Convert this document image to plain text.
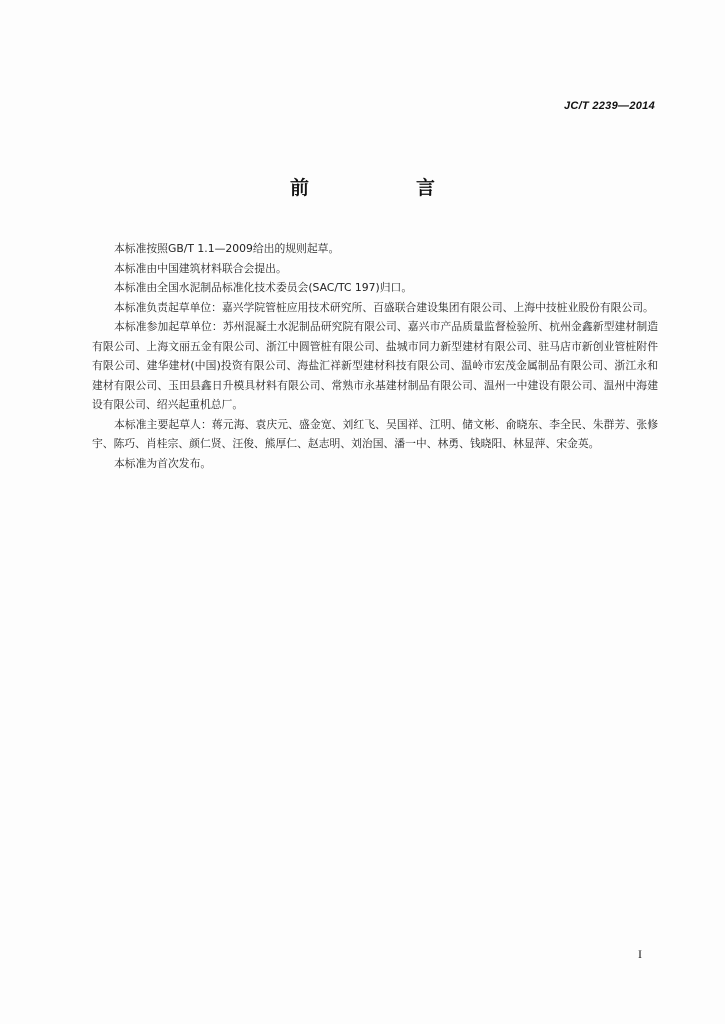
JC/T 2239—2014
前　言

本标准按照GB/T 1.1—2009给出的规则起草。

本标准由中国建筑材料联合会提出。

本标准由全国水泥制品标准化技术委员会(SAC/TC 197)归口。

本标准负责起草单位：嘉兴学院管桩应用技术研究所、百盛联合建设集团有限公司、上海中技桩业股份有限公司。

本标准参加起草单位：苏州混凝土水泥制品研究院有限公司、嘉兴市产品质量监督检验所、杭州金鑫新型建材制造有限公司、上海文丽五金有限公司、浙江中圆管桩有限公司、盐城市同力新型建材有限公司、驻马店市新创业管桩附件有限公司、建华建材(中国)投资有限公司、海盐汇祥新型建材科技有限公司、温岭市宏茂金属制品有限公司、浙江永和建材有限公司、玉田县鑫日升模具材料有限公司、常熟市永基建材制品有限公司、温州一中建设有限公司、温州中海建设有限公司、绍兴起重机总厂。

本标准主要起草人：蒋元海、袁庆元、盛金宽、刘红飞、吴国祥、江明、储文彬、俞晓东、李全民、朱群芳、张修宇、陈巧、肖桂宗、颜仁贤、汪俊、熊厚仁、赵志明、刘治国、潘一中、林勇、钱晓阳、林显萍、宋金英。

本标准为首次发布。

I
